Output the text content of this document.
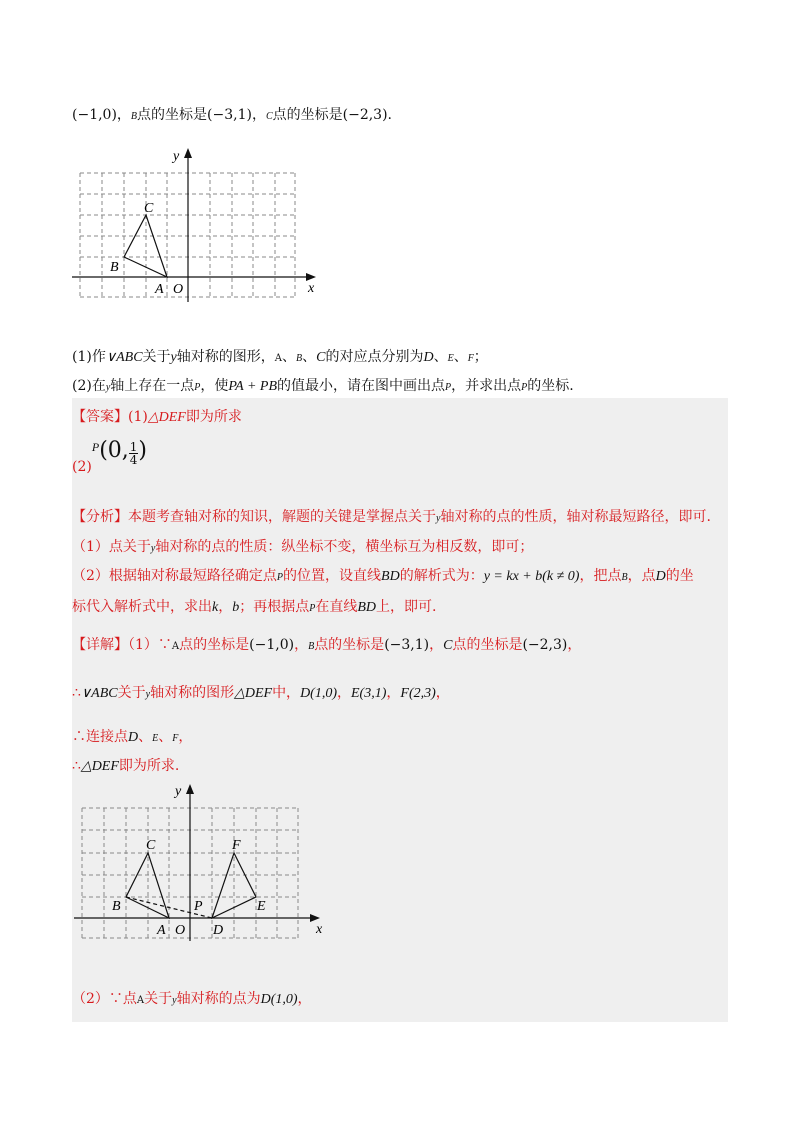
(−1,0)，B点的坐标是(−3,1)，C点的坐标是(−2,3).
y
x
C
B
A O
(1)作∨ABC关于y轴对称的图形，A、B、C的对应点分别为D、E、F；
(2)在y轴上存在一点P，使PA + PB的值最小，请在图中画出点P，并求出点P的坐标.
【答案】(1)△DEF即为所求
(2)P(0, $\frac{1}{4}$ )
【分析】本题考查轴对称的知识，解题的关键是掌握点关于y轴对称的点的性质，轴对称最短路径，即可.
（1）点关于y轴对称的点的性质：纵坐标不变，横坐标互为相反数，即可；
（2）根据轴对称最短路径确定点P的位置，设直线BD的解析式为：y = kx + b(k ≠ 0)，把点B，点D的坐
标代入解析式中，求出k，b；再根据点P在直线BD上，即可.
【详解】（1）∵A点的坐标是(−1,0)，B点的坐标是(−3,1)，C点的坐标是(−2,3)，
∴∨ABC关于y轴对称的图形△DEF中，D(1,0)，E(3,1)，F(2,3)，
∴连接点D、E、F，
∴△DEF即为所求.
y
x
C	F
B	E
P
A O D
（2）∵点A关于y轴对称的点为D(1,0)，
